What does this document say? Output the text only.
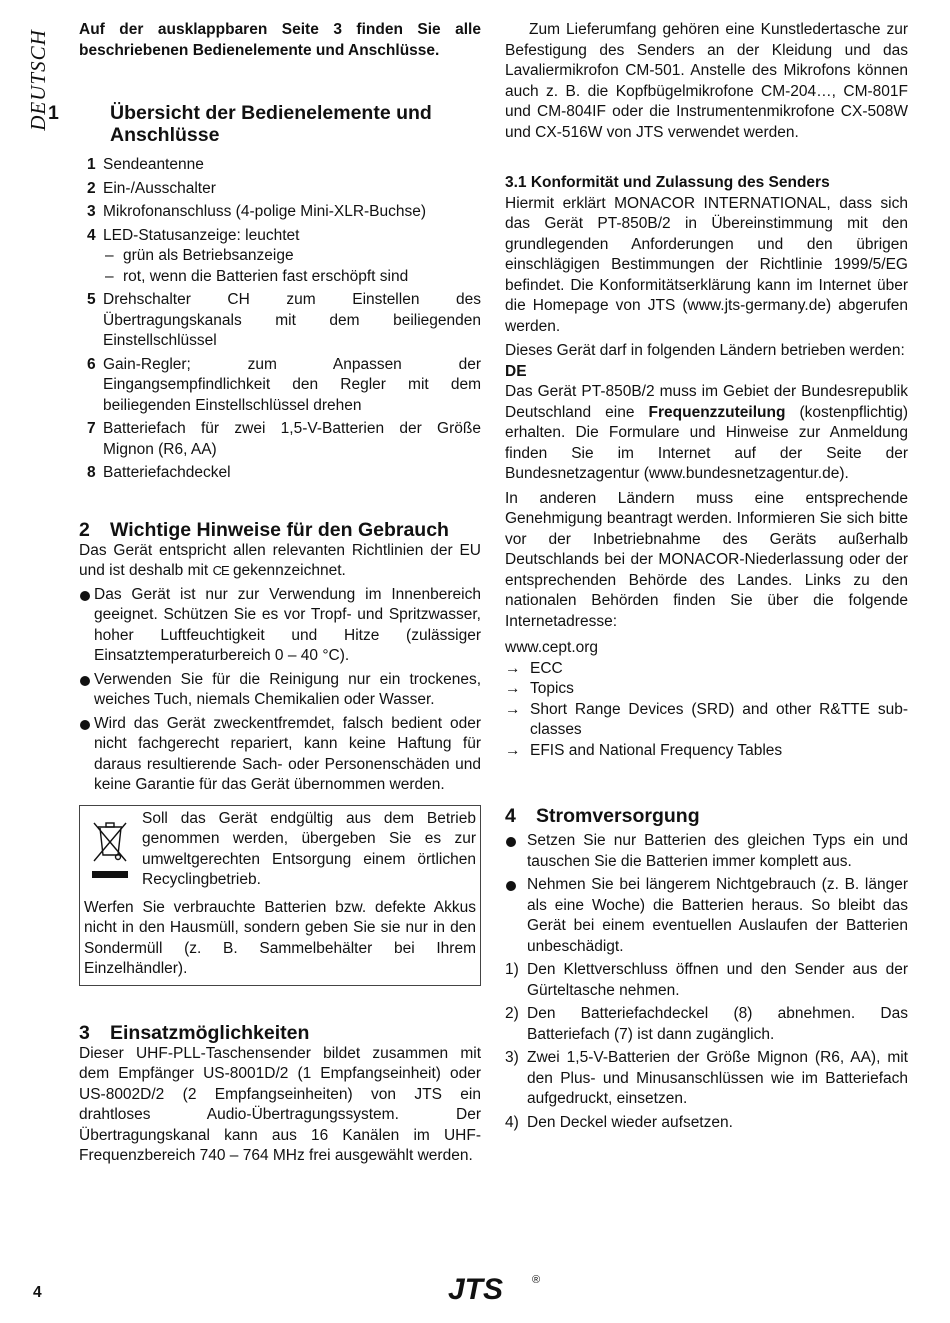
DEUTSCH Auf der ausklappbaren Seite 3 finden Sie alle beschriebenen Bedienelemente und Anschlüsse.

1	Übersicht der Bedienelemente und Anschlüsse
1 Sendeantenne

2 Ein-/Ausschalter

3 Mikrofonanschluss (4-polige Mini-XLR-Buchse)

4 LED-Statusanzeige: leuchtet

– grün als Betriebsanzeige
– rot, wenn die Batterien fast erschöpft sind
5 Drehschalter CH zum Einstellen des Übertragungskanals mit dem beiliegenden Einstellschlüssel

6 Gain-Regler; zum Anpassen der Eingangsempfindlichkeit den Regler mit dem beiliegenden Einstellschlüssel drehen

7 Batteriefach für zwei 1,5-V-Batterien der Größe Mignon (R6, AA)

8 Batteriefachdeckel

2 Wichtige Hinweise für den Gebrauch

Das Gerät entspricht allen relevanten Richtlinien der EU und ist deshalb mit CE gekennzeichnet.

Das Gerät ist nur zur Verwendung im Innenbereich geeignet. Schützen Sie es vor Tropf- und Spritzwasser, hoher Luftfeuchtigkeit und Hitze (zulässiger Einsatztemperaturbereich 0 – 40 °C).

Verwenden Sie für die Reinigung nur ein trockenes, weiches Tuch, niemals Chemikalien oder Wasser.

Wird das Gerät zweckentfremdet, falsch bedient oder nicht fachgerecht repariert, kann keine Haftung für daraus resultierende Sach- oder Personenschäden und keine Garantie für das Gerät übernommen werden.

Soll das Gerät endgültig aus dem Betrieb genommen werden, übergeben Sie es zur umweltgerechten Entsorgung einem örtlichen Recyclingbetrieb.

Werfen Sie verbrauchte Batterien bzw. defekte Akkus nicht in den Hausmüll, sondern geben Sie sie nur in den Sondermüll (z. B. Sammelbehälter bei Ihrem Einzelhändler).

3 Einsatzmöglichkeiten

Dieser UHF-PLL-Taschensender bildet zusammen mit dem Empfänger US-8001D/2 (1 Empfangseinheit) oder US-8002D/2 (2 Empfangseinheiten) von JTS ein drahtloses Audio-Übertragungssystem. Der Übertragungskanal kann aus 16 Kanälen im UHF-Frequenzbereich 740 – 764 MHz frei ausgewählt werden.

Zum Lieferumfang gehören eine Kunstledertasche zur Befestigung des Senders an der Kleidung und das Lavaliermikrofon CM-501. Anstelle des Mikrofons können auch z. B. die Kopfbügelmikrofone CM-204…, CM-801F und CM-804IF oder die Instrumentenmikrofone CX-508W und CX-516W von JTS verwendet werden.

3.1 Konformität und Zulassung des Senders

Hiermit erklärt MONACOR INTERNATIONAL, dass sich das Gerät PT-850B/2 in Übereinstimmung mit den grundlegenden Anforderungen und den übrigen einschlägigen Bestimmungen der Richtlinie 1999/5/EG befindet. Die Konformitätserklärung kann im Internet über die Homepage von JTS (www.jts-germany.de) abgerufen werden.

Dieses Gerät darf in folgenden Ländern betrieben werden:

DE

Das Gerät PT-850B/2 muss im Gebiet der Bundesrepublik Deutschland eine Frequenzzuteilung (kostenpflichtig) erhalten. Die Formulare und Hinweise zur Anmeldung finden Sie im Internet auf der Seite der Bundesnetzagentur (www.bundesnetzagentur.de).

In anderen Ländern muss eine entsprechende Genehmigung beantragt werden. Informieren Sie sich bitte vor der Inbetriebnahme des Geräts außerhalb Deutschlands bei der MONACOR-Niederlassung oder der entsprechenden Behörde des Landes. Links zu den nationalen Behörden finden Sie über die folgende Internetadresse:

www.cept.org

→ ECC

→ Topics

→ Short Range Devices (SRD) and other R&TTE sub-classes

→ EFIS and National Frequency Tables

4 Stromversorgung

Setzen Sie nur Batterien des gleichen Typs ein und tauschen Sie die Batterien immer komplett aus.

Nehmen Sie bei längerem Nichtgebrauch (z. B. länger als eine Woche) die Batterien heraus. So bleibt das Gerät bei einem eventuellen Auslaufen der Batterien unbeschädigt.

1) Den Klettverschluss öffnen und den Sender aus der Gürteltasche nehmen.

2) Den Batteriefachdeckel (8) abnehmen. Das Batteriefach (7) ist dann zugänglich.

3) Zwei 1,5-V-Batterien der Größe Mignon (R6, AA), mit den Plus- und Minusanschlüssen wie im Batteriefach aufgedruckt, einsetzen.

4) Den Deckel wieder aufsetzen.

4	JTS	®
